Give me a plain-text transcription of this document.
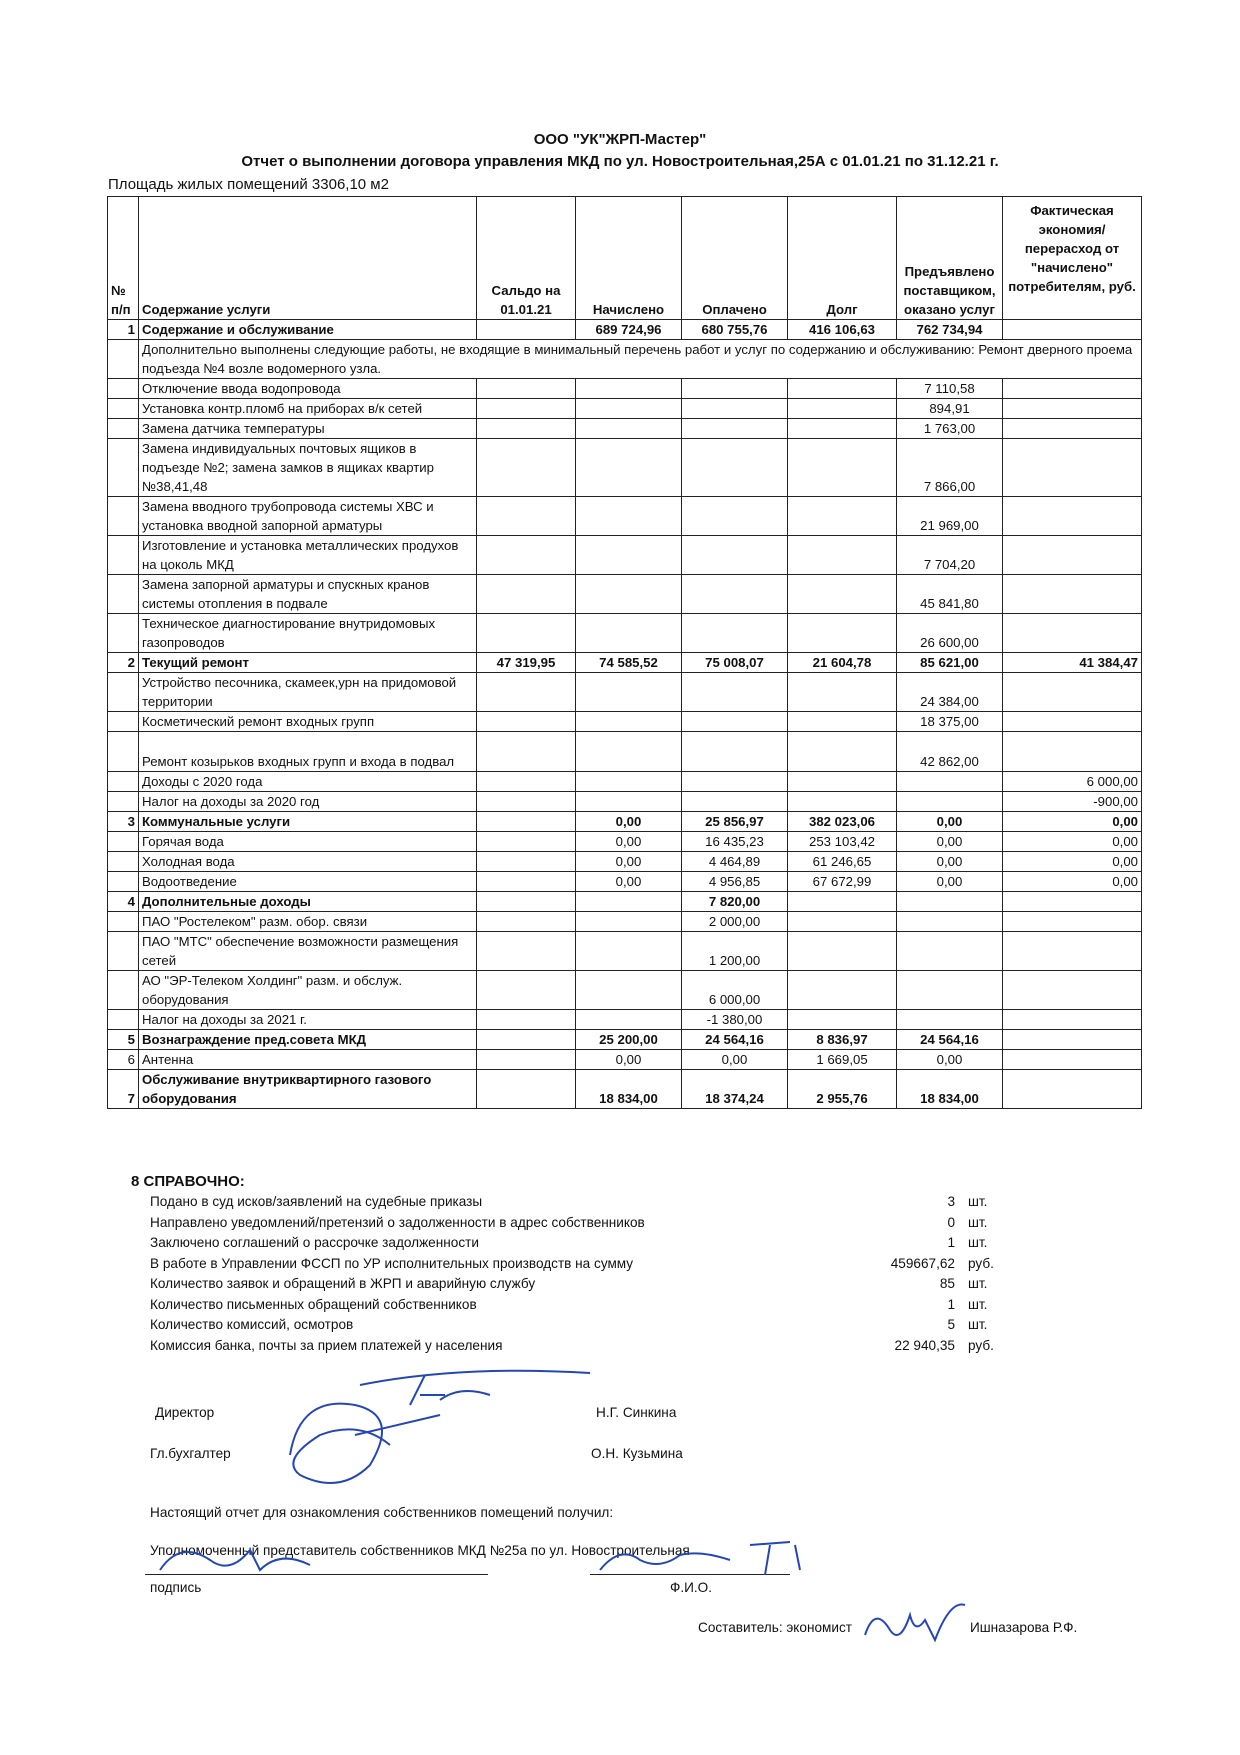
ООО "УК"ЖРП-Мастер"
Отчет о выполнении договора управления МКД по ул. Новостроительная,25А с 01.01.21 по 31.12.21 г.
Площадь жилых помещений 3306,10 м2
№ п/п	Содержание услуги	Сальдо на 01.01.21	Начислено	Оплачено	Долг	Предъявлено поставщиком, оказано услуг	Фактическая экономия/перерасход от "начислено" потребителям, руб.
1	Содержание и обслуживание		689 724,96	680 755,76	416 106,63	762 734,94	
	Дополнительно выполнены следующие работы, не входящие в минимальный перечень работ и услуг по содержанию и обслуживанию: Ремонт дверного проема подъезда №4 возле водомерного узла.						
	Отключение ввода водопровода					7 110,58	
	Установка контр.пломб на приборах в/к сетей					894,91	
	Замена датчика температуры					1 763,00	
	Замена индивидуальных почтовых ящиков в подъезде №2; замена замков в ящиках квартир №38,41,48					7 866,00	
	Замена вводного трубопровода системы ХВС и установка вводной запорной арматуры					21 969,00	
	Изготовление и установка металлических продухов на цоколь МКД					7 704,20	
	Замена запорной арматуры и спускных кранов системы отопления в подвале					45 841,80	
	Техническое диагностирование внутридомовых газопроводов					26 600,00	
2	Текущий ремонт	47 319,95	74 585,52	75 008,07	21 604,78	85 621,00	41 384,47
	Устройство песочника, скамеек,урн на придомовой территории					24 384,00	
	Косметический ремонт входных групп					18 375,00	
	Ремонт козырьков входных групп и входа в подвал					42 862,00	
	Доходы с 2020 года						6 000,00
	Налог на доходы за 2020 год						-900,00
3	Коммунальные услуги		0,00	25 856,97	382 023,06	0,00	0,00
	Горячая вода		0,00	16 435,23	253 103,42	0,00	0,00
	Холодная вода		0,00	4 464,89	61 246,65	0,00	0,00
	Водоотведение		0,00	4 956,85	67 672,99	0,00	0,00
4	Дополнительные доходы			7 820,00			
	ПАО "Ростелеком" разм. обор. связи			2 000,00			
	ПАО "МТС" обеспечение возможности размещения сетей			1 200,00			
	АО "ЭР-Телеком Холдинг" разм. и обслуж. оборудования			6 000,00			
	Налог на доходы за 2021 г.			-1 380,00			
5	Вознаграждение пред.совета МКД		25 200,00	24 564,16	8 836,97	24 564,16	
6	Антенна		0,00	0,00	1 669,05	0,00	
7	Обслуживание внутриквартирного газового оборудования		18 834,00	18 374,24	2 955,76	18 834,00	
8 СПРАВОЧНО:
Подано в суд исков/заявлений на судебные приказы	3 шт.
Направлено уведомлений/претензий о задолженности в адрес собственников	0 шт.
Заключено соглашений о рассрочке задолженности	1 шт.
В работе в Управлении ФССП по УР исполнительных производств на сумму	459667,62 руб.
Количество заявок и обращений в ЖРП и аварийную службу	85 шт.
Количество письменных обращений собственников	1 шт.
Количество комиссий, осмотров	5 шт.
Комиссия банка, почты за прием платежей у населения	22 940,35 руб.
Директор	Н.Г. Синкина
Гл.бухгалтер	О.Н. Кузьмина
Настоящий отчет для ознакомления собственников помещений получил:
Уполномоченный представитель собственников МКД №25а по ул. Новостроительная
подпись	Ф.И.О.
Составитель: экономист	Ишназарова Р.Ф.
